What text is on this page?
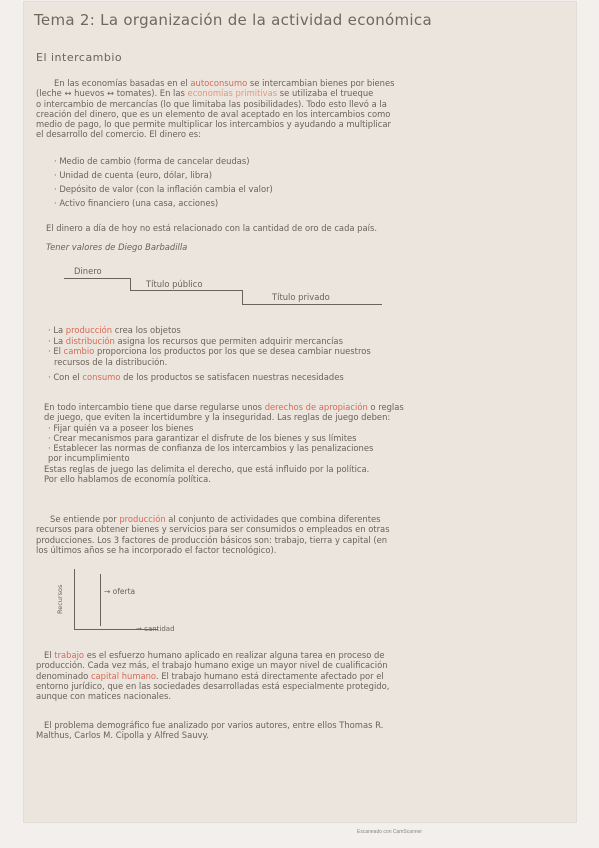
Tema 2: La organización de la actividad económica
El intercambio
En las economías basadas en el autoconsumo se intercambian bienes por bienes
(leche ↔ huevos ↔ tomates). En las economías primitivas se utilizaba el trueque
o intercambio de mercancías (lo que limitaba las posibilidades). Todo esto llevó a la
creación del dinero, que es un elemento de aval aceptado en los intercambios como
medio de pago, lo que permite multiplicar los intercambios y ayudando a multiplicar
el desarrollo del comercio. El dinero es:
· Medio de cambio (forma de cancelar deudas)
· Unidad de cuenta (euro, dólar, libra)
· Depósito de valor (con la inflación cambia el valor)
· Activo financiero (una casa, acciones)
El dinero a día de hoy no está relacionado con la cantidad de oro de cada país.
Tener valores de Diego Barbadilla
Dinero
Título público
Título privado
· La producción crea los objetos
· La distribución asigna los recursos que permiten adquirir mercancías
· El cambio proporciona los productos por los que se desea cambiar nuestros
recursos de la distribución.
· Con el consumo de los productos se satisfacen nuestras necesidades
En todo intercambio tiene que darse regularse unos derechos de apropiación o reglas
de juego, que eviten la incertidumbre y la inseguridad. Las reglas de juego deben:
· Fijar quién va a poseer los bienes
· Crear mecanismos para garantizar el disfrute de los bienes y sus límites
· Establecer las normas de confianza de los intercambios y las penalizaciones
por incumplimiento
Estas reglas de juego las delimita el derecho, que está influido por la política.
Por ello hablamos de economía política.
Se entiende por producción al conjunto de actividades que combina diferentes
recursos para obtener bienes y servicios para ser consumidos o empleados en otras
producciones. Los 3 factores de producción básicos son: trabajo, tierra y capital (en
los últimos años se ha incorporado el factor tecnológico).
Recursos	→ oferta
→ cantidad
El trabajo es el esfuerzo humano aplicado en realizar alguna tarea en proceso de
producción. Cada vez más, el trabajo humano exige un mayor nivel de cualificación
denominado capital humano. El trabajo humano está directamente afectado por el
entorno jurídico, que en las sociedades desarrolladas está especialmente protegido,
aunque con matices nacionales.
El problema demográfico fue analizado por varios autores, entre ellos Thomas R.
Malthus, Carlos M. Cipolla y Alfred Sauvy.
Escaneado con CamScanner
